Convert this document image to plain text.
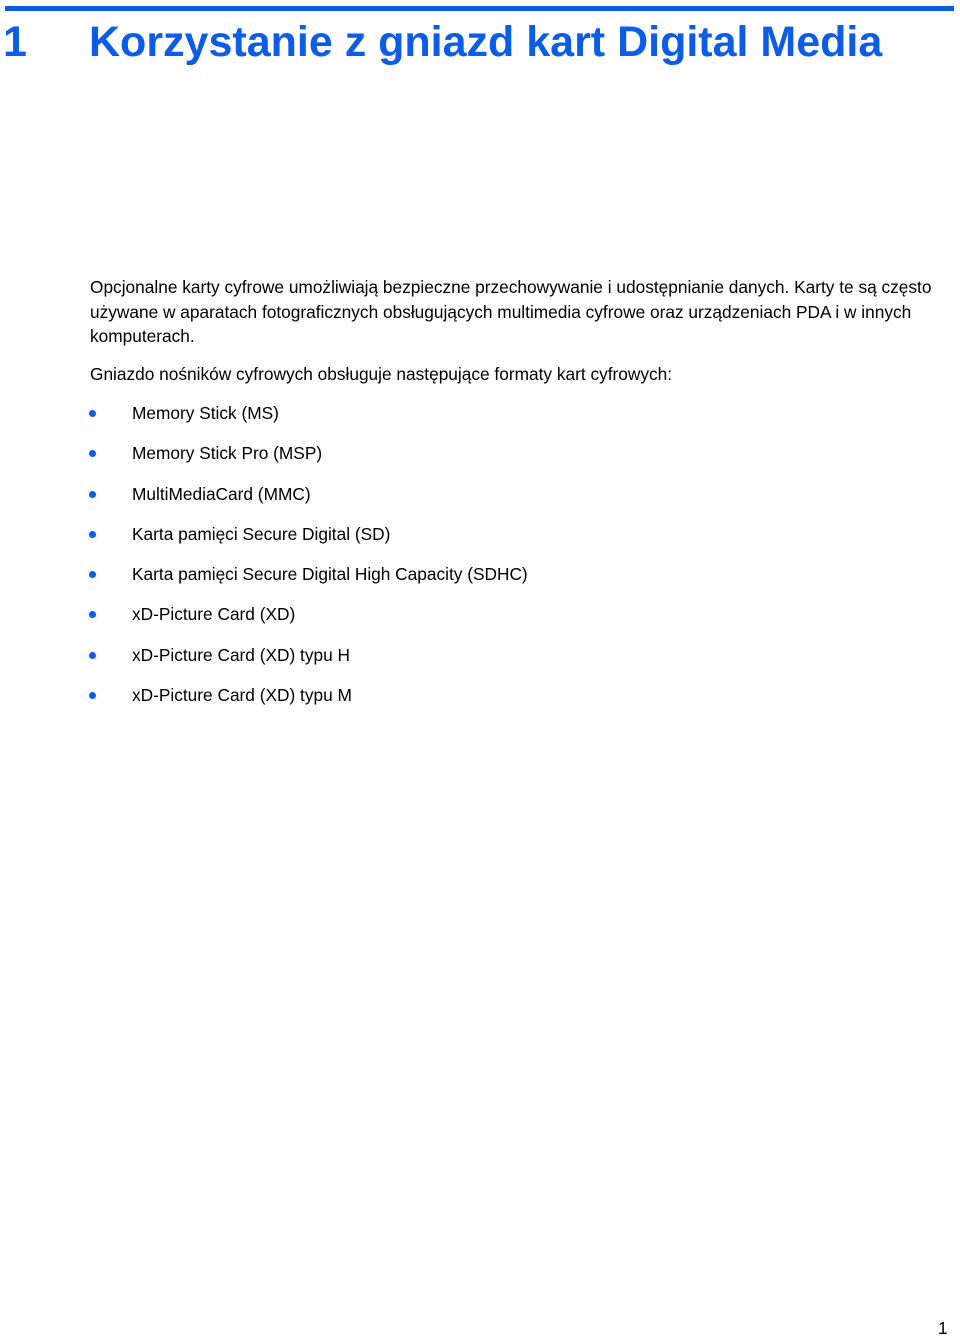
1 Korzystanie z gniazd kart Digital Media

Opcjonalne karty cyfrowe umożliwiają bezpieczne przechowywanie i udostępnianie danych. Karty te są często używane w aparatach fotograficznych obsługujących multimedia cyfrowe oraz urządzeniach PDA i w innych komputerach.

Gniazdo nośników cyfrowych obsługuje następujące formaty kart cyfrowych:

Memory Stick (MS)
Memory Stick Pro (MSP)
MultiMediaCard (MMC)
Karta pamięci Secure Digital (SD)
Karta pamięci Secure Digital High Capacity (SDHC)
xD-Picture Card (XD)
xD-Picture Card (XD) typu H
xD-Picture Card (XD) typu M
1
